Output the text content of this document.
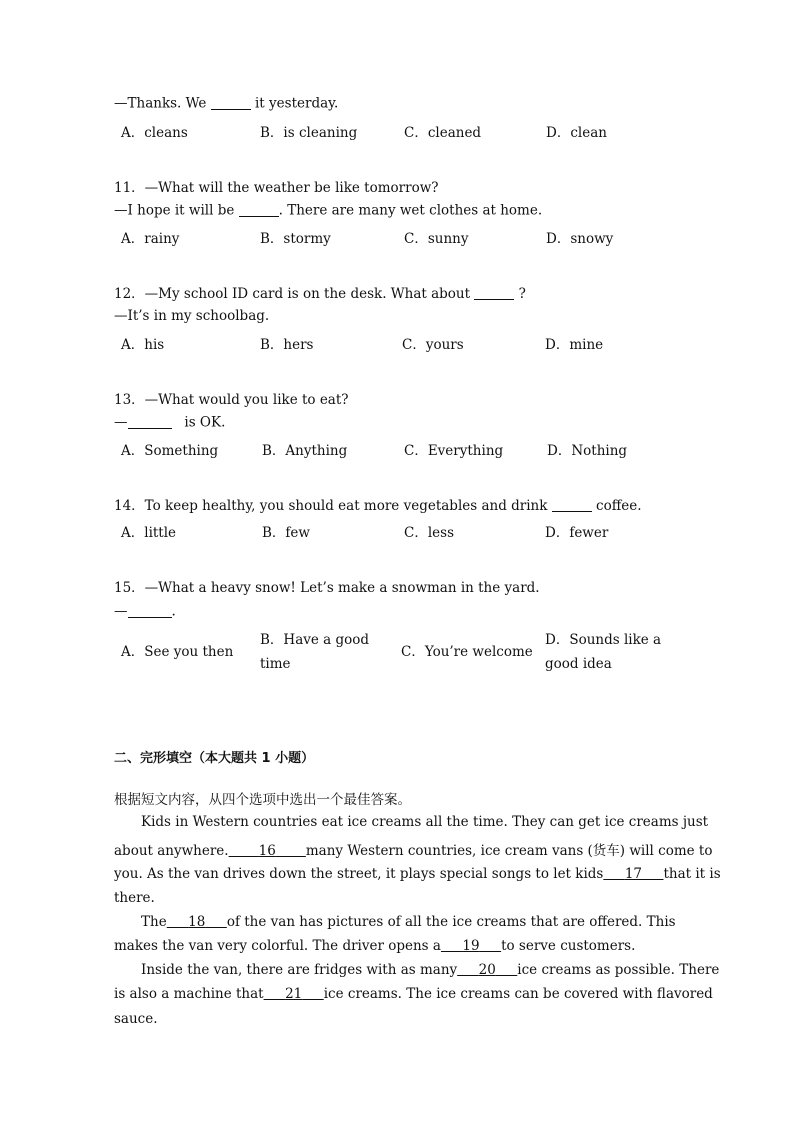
—Thanks. We	it yesterday.
A．cleans	B．is cleaning	C．cleaned	D．clean
11．—What will the weather be like tomorrow?
—I hope it will be	. There are many wet clothes at home.
A．rainy	B．stormy	C．sunny	D．snowy
12．—My school ID card is on the desk. What about	?
—It’s in my schoolbag.
A．his	B．hers	C．yours	D．mine
13．—What would you like to eat?
—	is OK.
A．Something	B．Anything	C．Everything	D．Nothing
14．To keep healthy, you should eat more vegetables and drink	coffee.
A．little	B．few	C．less	D．fewer
15．—What a heavy snow! Let’s make a snowman in the yard.
—	.
A．See you then
B．Have a good
time
C．You’re welcome
D．Sounds like a
good idea
二、完形填空（本大题共 1 小题）
根据短文内容，从四个选项中选出一个最佳答案。
Kids in Western countries eat ice creams all the time. They can get ice creams just
about anywhere. 16 many Western countries, ice cream vans (货车) will come to
you. As the van drives down the street, it plays special songs to let kids 17 that it is
there.
The 18 of the van has pictures of all the ice creams that are offered. This
makes the van very colorful. The driver opens a 19 to serve customers.
Inside the van, there are fridges with as many 20 ice creams as possible. There
is also a machine that 21 ice creams. The ice creams can be covered with flavored
sauce.
